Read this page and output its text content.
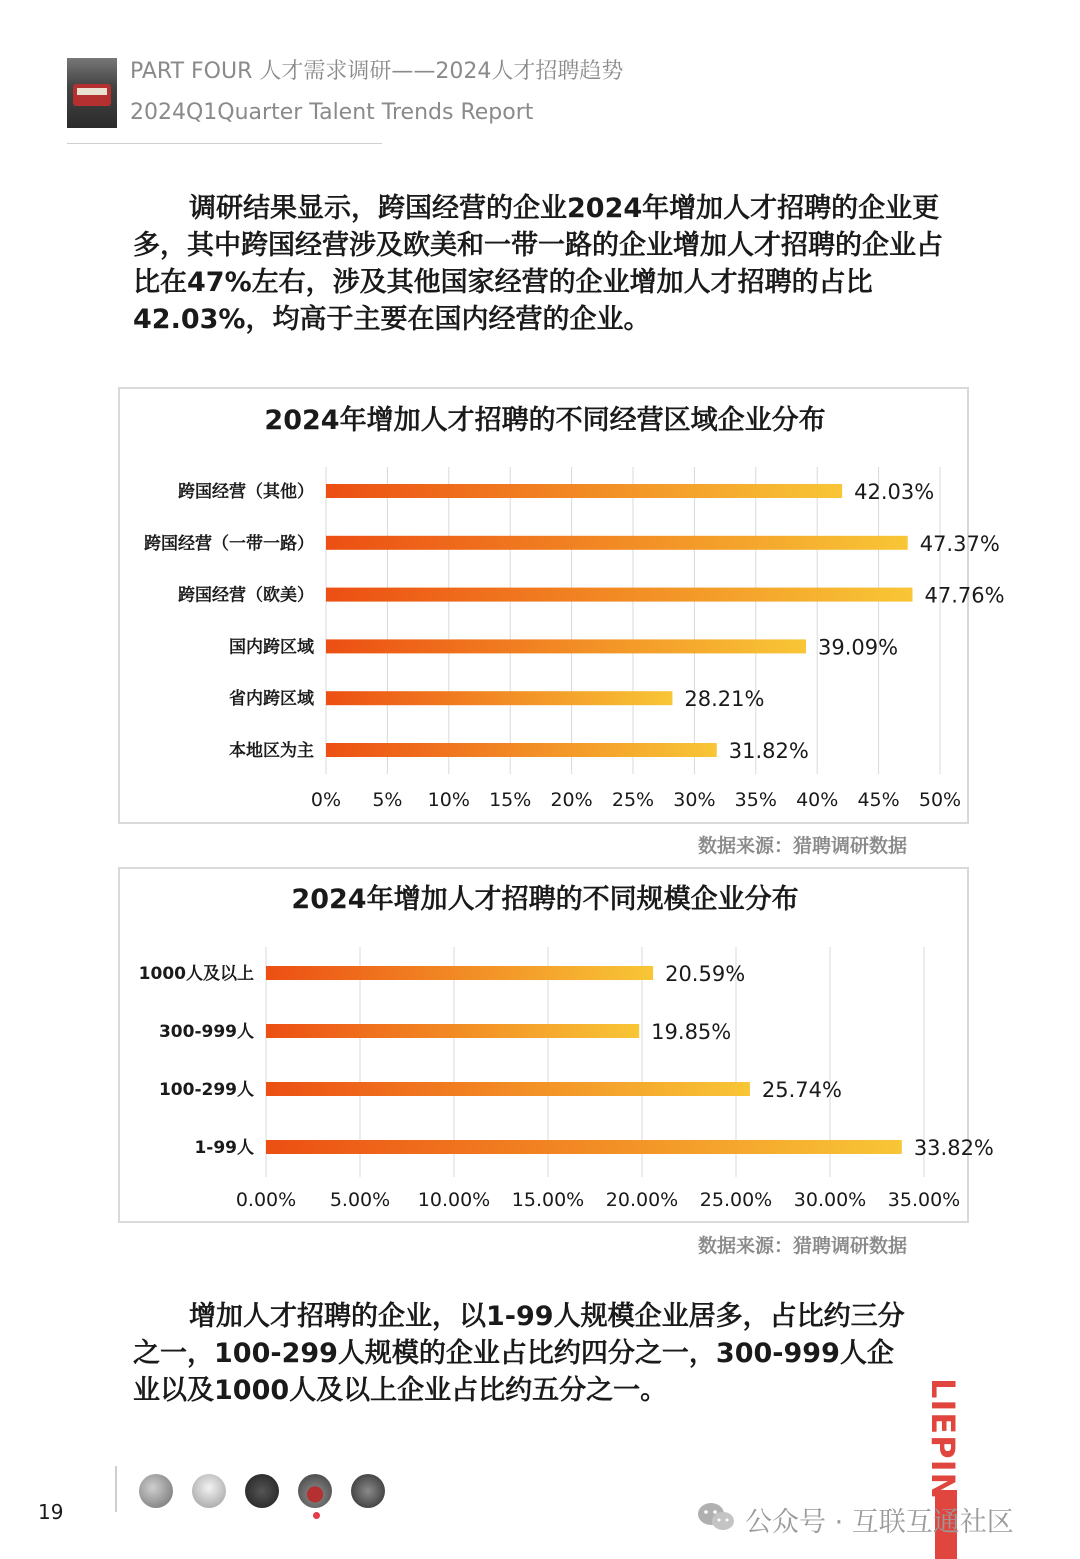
PART FOUR 人才需求调研——2024人才招聘趋势
2024Q1Quarter Talent Trends Report

调研结果显示，跨国经营的企业2024年增加人才招聘的企业更多，其中跨国经营涉及欧美和一带一路的企业增加人才招聘的企业占比在47%左右，涉及其他国家经营的企业增加人才招聘的占比42.03%，均高于主要在国内经营的企业。

2024年增加人才招聘的不同经营区域企业分布
0% 5% 10% 15% 20% 25% 30% 35% 40% 45% 50%
跨国经营（其他）	42.03%
跨国经营（一带一路）	47.37%
跨国经营（欧美）	47.76%
国内跨区域	39.09%
省内跨区域	28.21%
本地区为主	31.82%
数据来源：猎聘调研数据
2024年增加人才招聘的不同规模企业分布
0.00% 5.00% 10.00% 15.00% 20.00% 25.00% 30.00% 35.00%
1000人及以上	20.59%
300-999人	19.85%
100-299人	25.74%
1-99人	33.82%
数据来源：猎聘调研数据

增加人才招聘的企业，以1-99人规模企业居多，占比约三分之一，100-299人规模的企业占比约四分之一，300-999人企业以及1000人及以上企业占比约五分之一。

19
LIEPIN
公众号 · 互联互通社区
